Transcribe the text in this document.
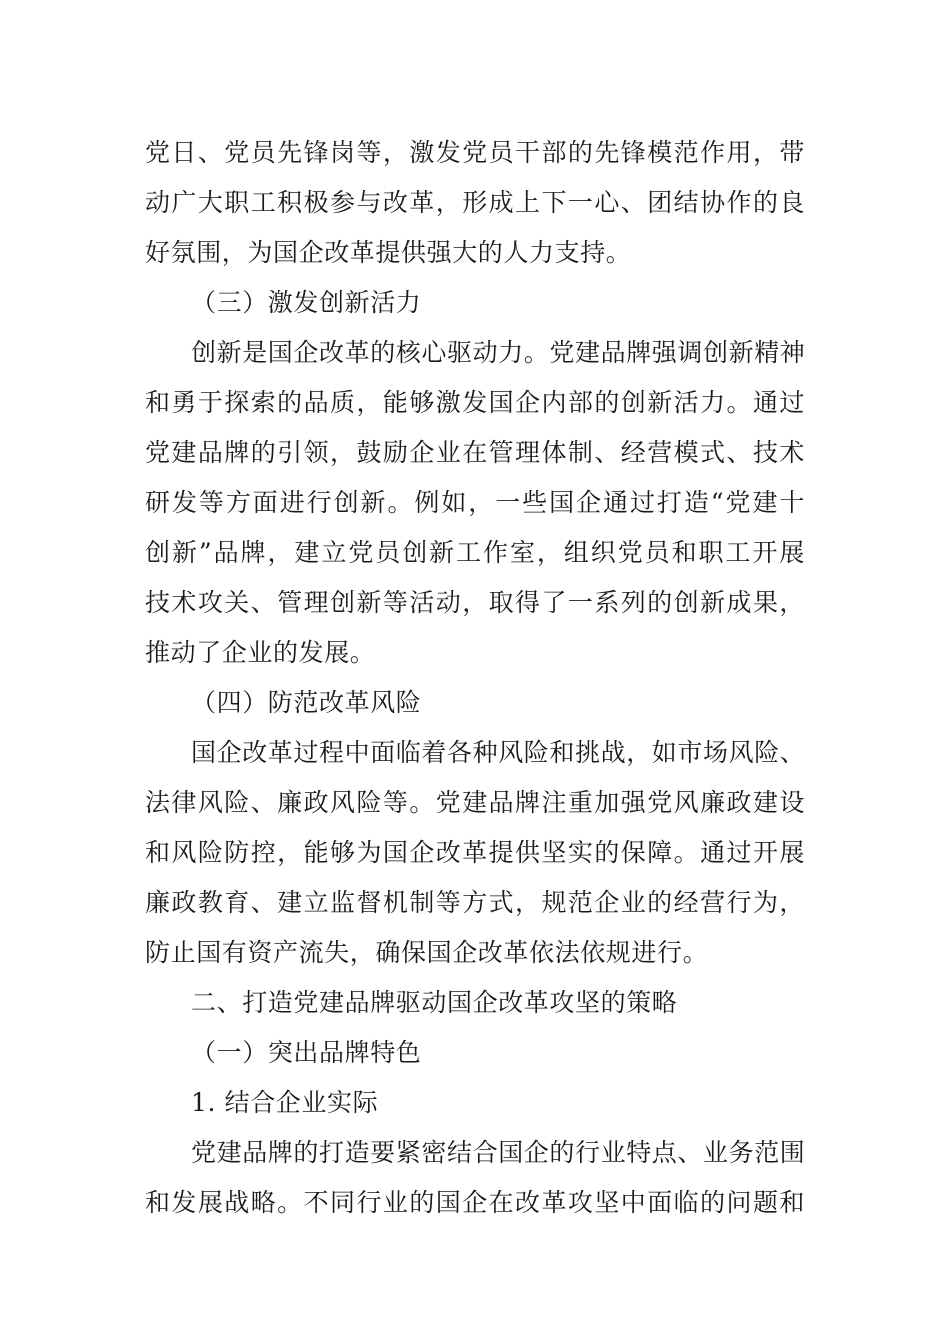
党日、党员先锋岗等，激发党员干部的先锋模范作用，带
动广大职工积极参与改革，形成上下一心、团结协作的良
好氛围，为国企改革提供强大的人力支持。
（三）激发创新活力
创新是国企改革的核心驱动力。党建品牌强调创新精神
和勇于探索的品质，能够激发国企内部的创新活力。通过
党建品牌的引领，鼓励企业在管理体制、经营模式、技术
研发等方面进行创新。例如，一些国企通过打造“党建十
创新”品牌，建立党员创新工作室，组织党员和职工开展
技术攻关、管理创新等活动，取得了一系列的创新成果，
推动了企业的发展。
（四）防范改革风险
国企改革过程中面临着各种风险和挑战，如市场风险、
法律风险、廉政风险等。党建品牌注重加强党风廉政建设
和风险防控，能够为国企改革提供坚实的保障。通过开展
廉政教育、建立监督机制等方式，规范企业的经营行为，
防止国有资产流失，确保国企改革依法依规进行。
二、打造党建品牌驱动国企改革攻坚的策略
（一）突出品牌特色
1. 结合企业实际
党建品牌的打造要紧密结合国企的行业特点、业务范围
和发展战略。不同行业的国企在改革攻坚中面临的问题和
